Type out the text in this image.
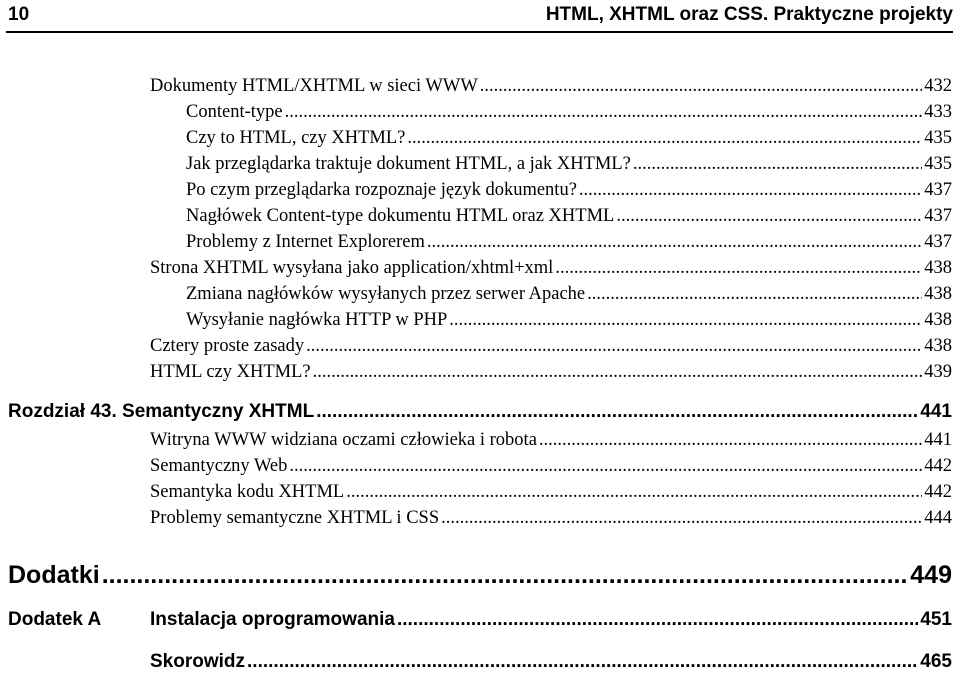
10	HTML, XHTML oraz CSS. Praktyczne projekty
Dokumenty HTML/XHTML w sieci WWW .....	432
Content-type .....	433
Czy to HTML, czy XHTML? .....	435
Jak przeglądarka traktuje dokument HTML, a jak XHTML? .....	435
Po czym przeglądarka rozpoznaje język dokumentu? .....	437
Nagłówek Content-type dokumentu HTML oraz XHTML .....	437
Problemy z Internet Explorerem .....	437
Strona XHTML wysyłana jako application/xhtml+xml .....	438
Zmiana nagłówków wysyłanych przez serwer Apache .....	438
Wysyłanie nagłówka HTTP w PHP .....	438
Cztery proste zasady .....	438
HTML czy XHTML? .....	439
Rozdział 43. Semantyczny XHTML .....	441
Witryna WWW widziana oczami człowieka i robota .....	441
Semantyczny Web .....	442
Semantyka kodu XHTML .....	442
Problemy semantyczne XHTML i CSS .....	444
Dodatki .....	449
Dodatek A	Instalacja oprogramowania .....	451
Skorowidz .....	465
